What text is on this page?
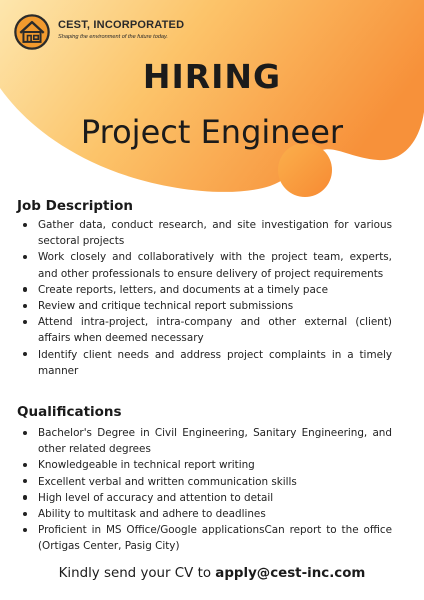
CEST, INCORPORATED
Shaping the environment of the future today.
HIRING
Project Engineer
Job Description
Gather data, conduct research, and site investigation for various sectoral projects
Work closely and collaboratively with the project team, experts, and other professionals to ensure delivery of project requirements
Create reports, letters, and documents at a timely pace
Review and critique technical report submissions
Attend intra-project, intra-company and other external (client) affairs when deemed necessary
Identify client needs and address project complaints in a timely manner
Qualifications
Bachelor's Degree in Civil Engineering, Sanitary Engineering, and other related degrees
Knowledgeable in technical report writing
Excellent verbal and written communication skills
High level of accuracy and attention to detail
Ability to multitask and adhere to deadlines
Proficient in MS Office/Google applicationsCan report to the office (Ortigas Center, Pasig City)
Kindly send your CV to apply@cest-inc.com
